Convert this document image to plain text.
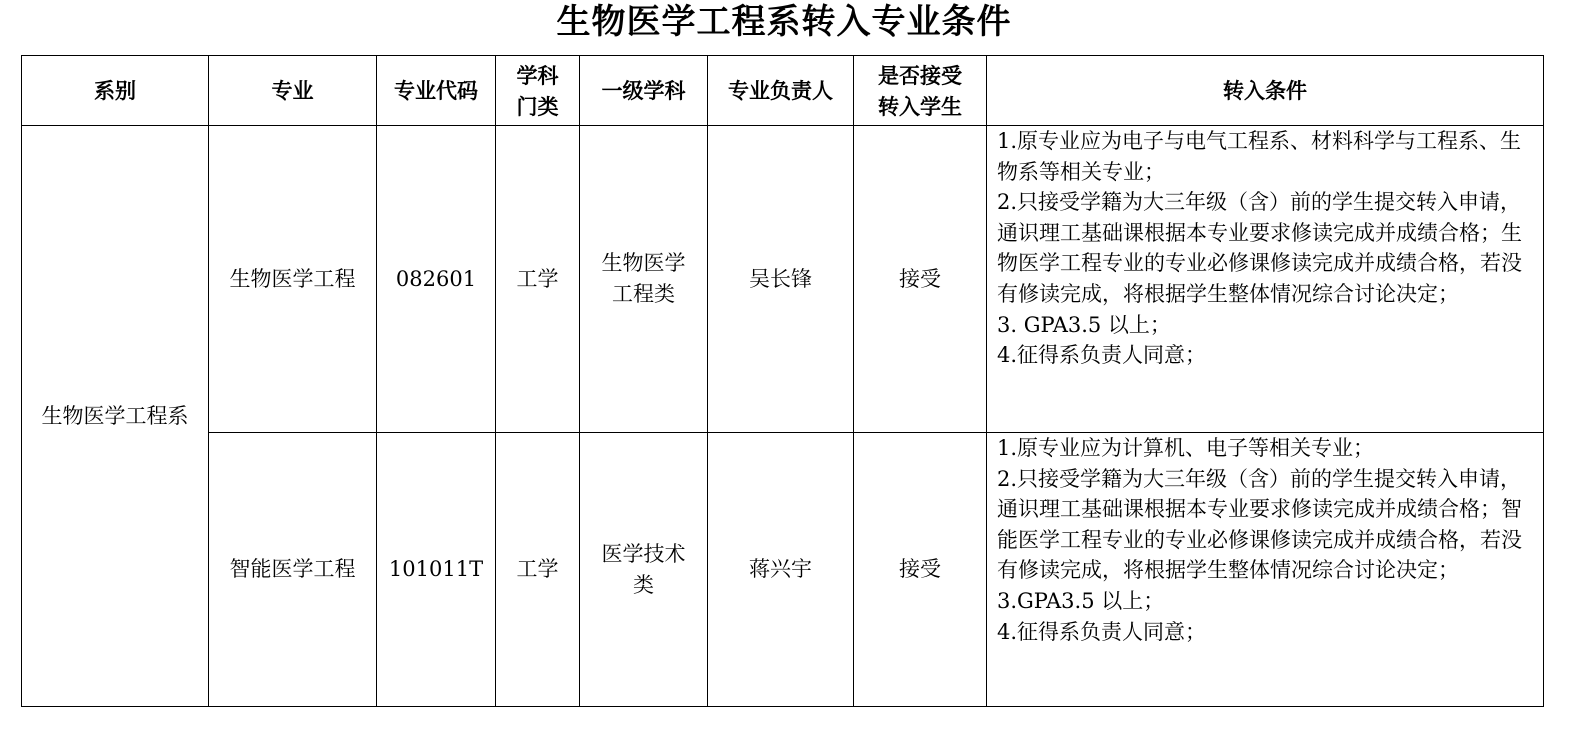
生物医学工程系转入专业条件
系别	专业	专业代码	学科门类	一级学科	专业负责人	是否接受转入学生	转入条件
生物医学工程系	生物医学工程	082601	工学	生物医学工程类	吴长锋	接受	1.原专业应为电子与电气工程系、材料科学与工程系、生物系等相关专业；
2.只接受学籍为大三年级（含）前的学生提交转入申请，通识理工基础课根据本专业要求修读完成并成绩合格；生物医学工程专业的专业必修课修读完成并成绩合格，若没有修读完成，将根据学生整体情况综合讨论决定；
3. GPA3.5 以上；
4.征得系负责人同意；

	智能医学工程	101011T	工学	医学技术类	蒋兴宇	接受	1.原专业应为计算机、电子等相关专业；
2.只接受学籍为大三年级（含）前的学生提交转入申请，通识理工基础课根据本专业要求修读完成并成绩合格；智能医学工程专业的专业必修课修读完成并成绩合格，若没有修读完成，将根据学生整体情况综合讨论决定；
3.GPA3.5 以上；
4.征得系负责人同意；
